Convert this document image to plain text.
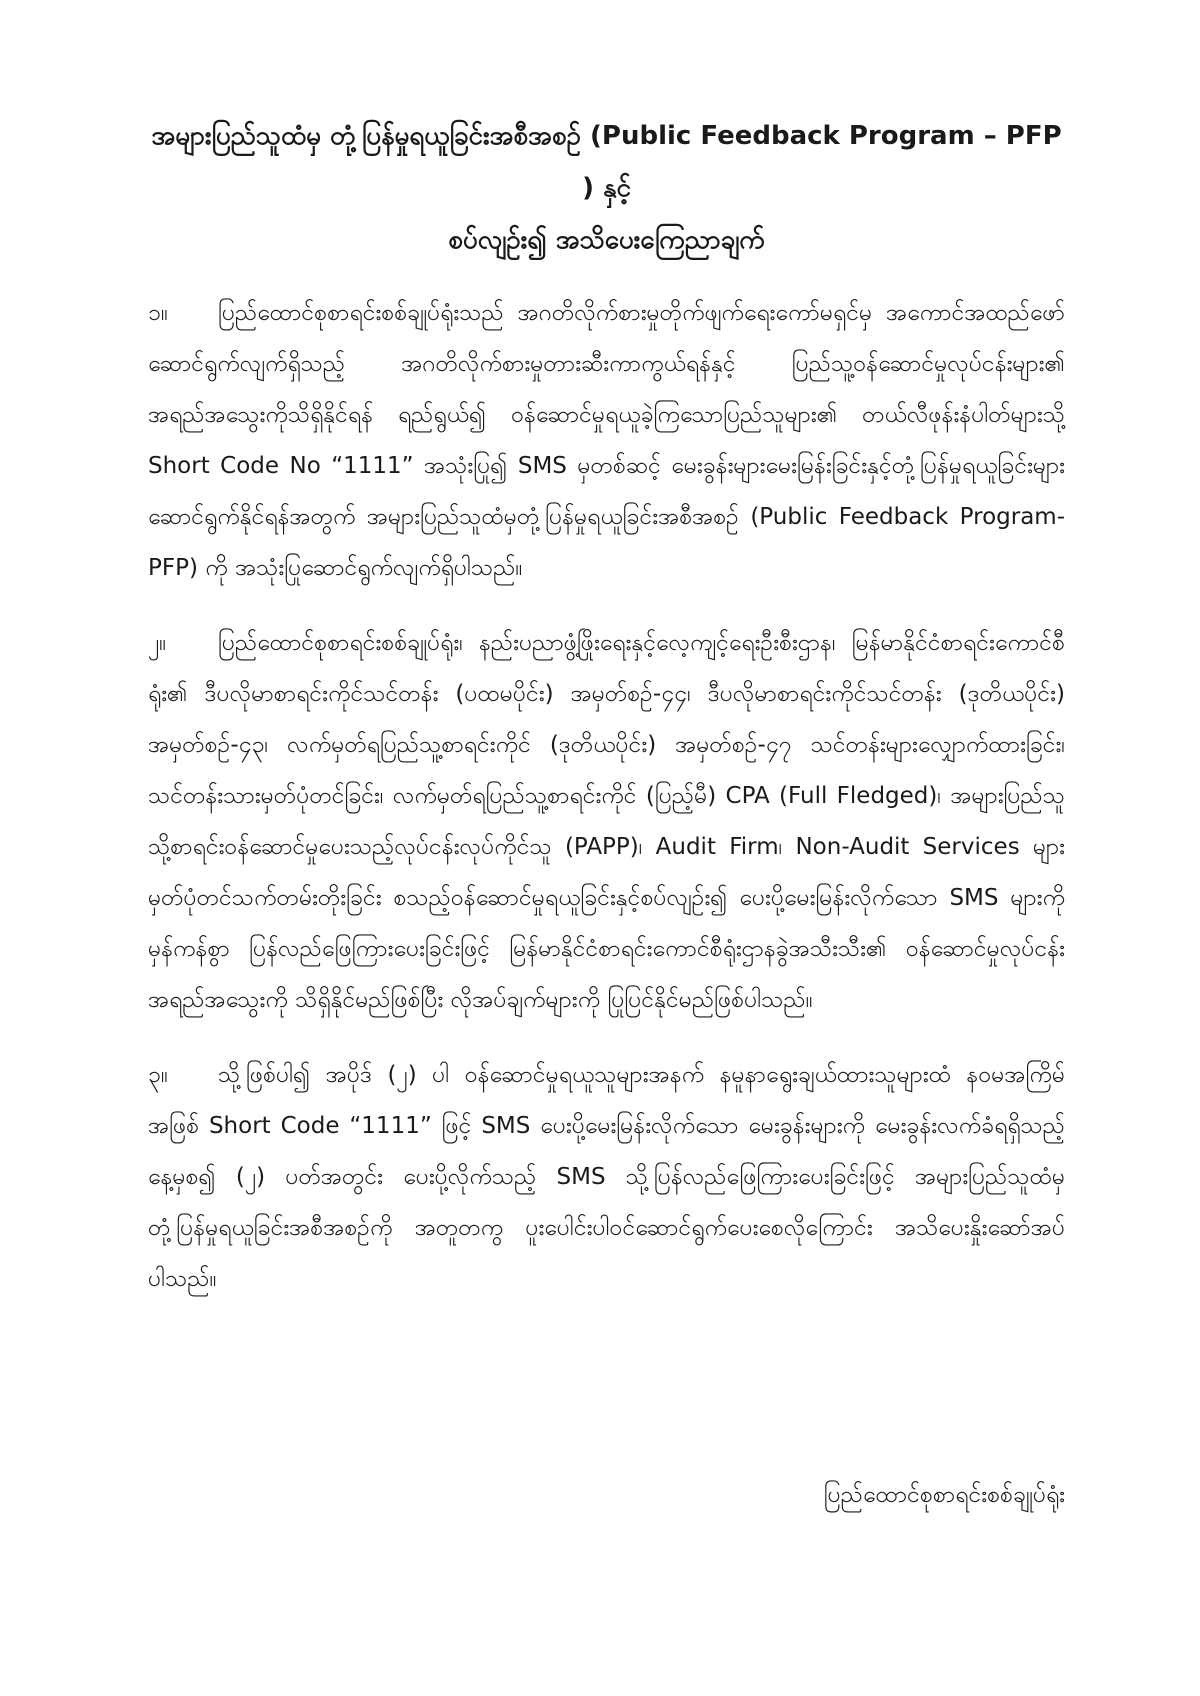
အများပြည်သူထံမှ တုံ့ပြန်မှုရယူခြင်းအစီအစဉ် (Public Feedback Program – PFP ) နှင့်
စပ်လျဉ်း၍ အသိပေးကြေညာချက်

၁။ ပြည်ထောင်စုစာရင်းစစ်ချုပ်ရုံးသည် အဂတိလိုက်စားမှုတိုက်ဖျက်ရေးကော်မရှင်မှ အကောင်အထည်ဖော်ဆောင်ရွက်လျက်ရှိသည့် အဂတိလိုက်စားမှုတားဆီးကာကွယ်ရန်နှင့် ပြည်သူ့ဝန်ဆောင်မှုလုပ်ငန်းများ၏ အရည်အသွေးကိုသိရှိနိုင်ရန် ရည်ရွယ်၍ ဝန်ဆောင်မှုရယူခဲ့ကြသောပြည်သူများ၏ တယ်လီဖုန်းနံပါတ်များသို့ Short Code No “1111” အသုံးပြု၍ SMS မှတစ်ဆင့် မေးခွန်းများမေးမြန်းခြင်းနှင့်တုံ့ပြန်မှုရယူခြင်းများ ဆောင်ရွက်နိုင်ရန်အတွက် အများပြည်သူထံမှတုံ့ပြန်မှုရယူခြင်းအစီအစဉ် (Public Feedback Program-PFP) ကို အသုံးပြုဆောင်ရွက်လျက်ရှိပါသည်။

၂။ ပြည်ထောင်စုစာရင်းစစ်ချုပ်ရုံး၊ နည်းပညာဖွံ့ဖြိုးရေးနှင့်လေ့ကျင့်ရေးဦးစီးဌာန၊ မြန်မာနိုင်ငံစာရင်းကောင်စီရုံး၏ ဒီပလိုမာစာရင်းကိုင်သင်တန်း (ပထမပိုင်း) အမှတ်စဉ်-၄၄၊ ဒီပလိုမာစာရင်းကိုင်သင်တန်း (ဒုတိယပိုင်း) အမှတ်စဉ်-၄၃၊ လက်မှတ်ရပြည်သူ့စာရင်းကိုင် (ဒုတိယပိုင်း) အမှတ်စဉ်-၄၇ သင်တန်းများလျှောက်ထားခြင်း၊ သင်တန်းသားမှတ်ပုံတင်ခြင်း၊ လက်မှတ်ရပြည်သူ့စာရင်းကိုင် (ပြည့်မီ) CPA (Full Fledged)၊ အများပြည်သူသို့စာရင်းဝန်ဆောင်မှုပေးသည့်လုပ်ငန်းလုပ်ကိုင်သူ (PAPP)၊ Audit Firm၊ Non-Audit Services များ မှတ်ပုံတင်သက်တမ်းတိုးခြင်း စသည့်ဝန်ဆောင်မှုရယူခြင်းနှင့်စပ်လျဉ်း၍ ပေးပို့မေးမြန်းလိုက်သော SMS များကို မှန်ကန်စွာ ပြန်လည်ဖြေကြားပေးခြင်းဖြင့် မြန်မာနိုင်ငံစာရင်းကောင်စီရုံးဌာနခွဲအသီးသီး၏ ဝန်ဆောင်မှုလုပ်ငန်းအရည်အသွေးကို သိရှိနိုင်မည်ဖြစ်ပြီး လိုအပ်ချက်များကို ပြုပြင်နိုင်မည်ဖြစ်ပါသည်။

၃။ သို့ဖြစ်ပါ၍ အပိုဒ် (၂) ပါ ဝန်ဆောင်မှုရယူသူများအနက် နမူနာရွေးချယ်ထားသူများထံ နဝမအကြိမ်အဖြစ် Short Code “1111” ဖြင့် SMS ပေးပို့မေးမြန်းလိုက်သော မေးခွန်းများကို မေးခွန်းလက်ခံရရှိသည့်နေ့မှစ၍ (၂) ပတ်အတွင်း ပေးပို့လိုက်သည့် SMS သို့ပြန်လည်ဖြေကြားပေးခြင်းဖြင့် အများပြည်သူထံမှ တုံ့ပြန်မှုရယူခြင်းအစီအစဉ်ကို အတူတကွ ပူးပေါင်းပါဝင်ဆောင်ရွက်ပေးစေလိုကြောင်း အသိပေးနှိုးဆော်အပ်ပါသည်။

ပြည်ထောင်စုစာရင်းစစ်ချုပ်ရုံး
